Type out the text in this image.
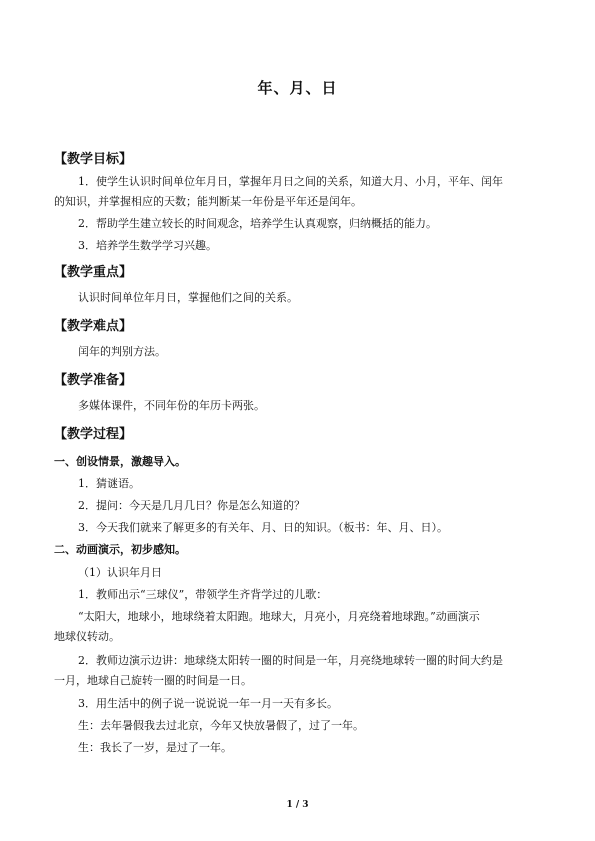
年、月、日
【教学目标】
1．使学生认识时间单位年月日，掌握年月日之间的关系，知道大月、小月，平年、闰年
的知识，并掌握相应的天数；能判断某一年份是平年还是闰年。
2．帮助学生建立较长的时间观念，培养学生认真观察，归纳概括的能力。
3．培养学生数学学习兴趣。
【教学重点】
认识时间单位年月日，掌握他们之间的关系。
【教学难点】
闰年的判别方法。
【教学准备】
多媒体课件，不同年份的年历卡两张。
【教学过程】
一、创设情景，激趣导入。
1．猜谜语。
2．提问：今天是几月几日？你是怎么知道的？
3．今天我们就来了解更多的有关年、月、日的知识。（板书：年、月、日）。
二、动画演示，初步感知。
（1）认识年月日
1．教师出示“三球仪”，带领学生齐背学过的儿歌：
“太阳大，地球小，地球绕着太阳跑。地球大，月亮小，月亮绕着地球跑。”动画演示
地球仪转动。
2．教师边演示边讲：地球绕太阳转一圈的时间是一年，月亮绕地球转一圈的时间大约是
一月，地球自己旋转一圈的时间是一日。
3．用生活中的例子说一说说说一年一月一天有多长。
生：去年暑假我去过北京，今年又快放暑假了，过了一年。
生：我长了一岁，是过了一年。
1 / 3
